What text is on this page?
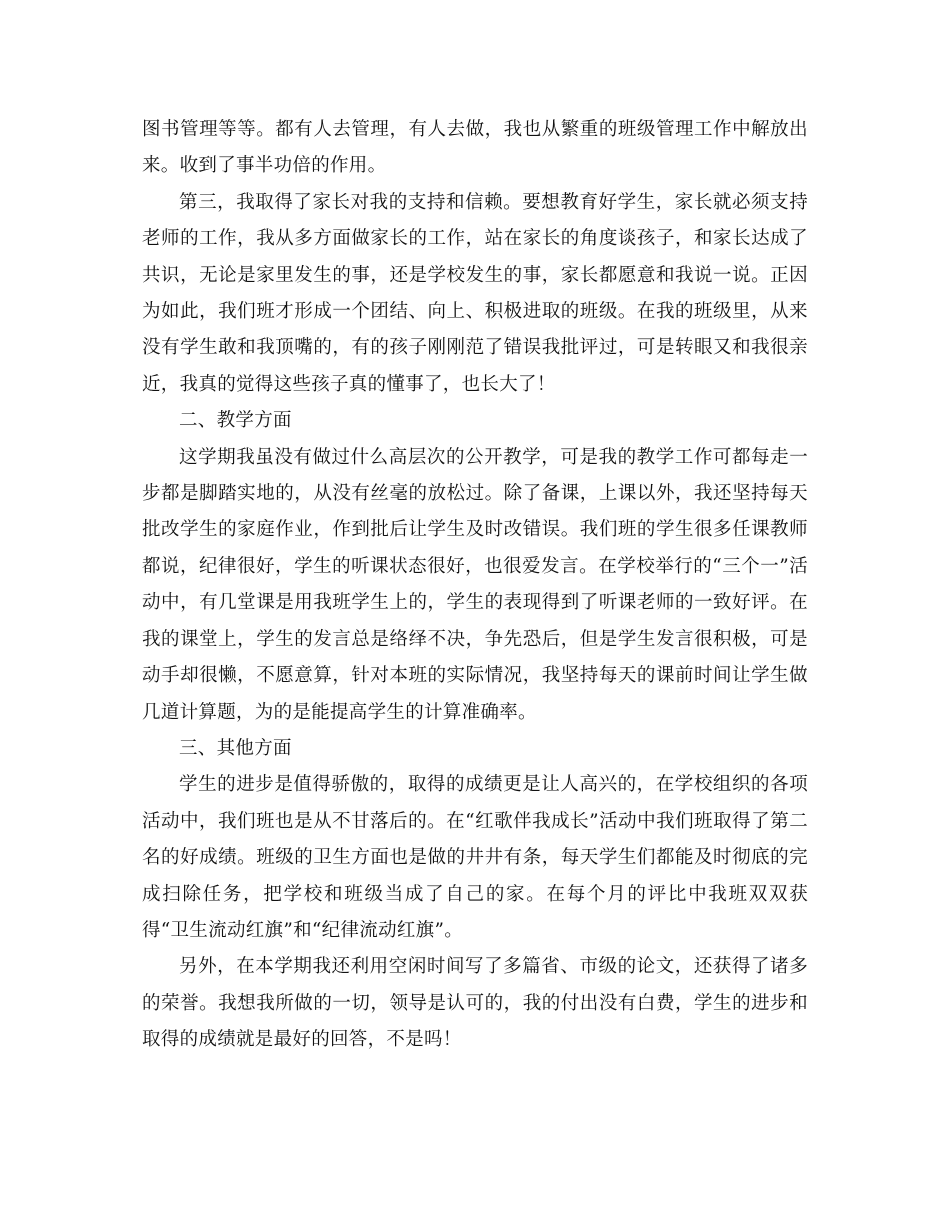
图书管理等等。都有人去管理，有人去做，我也从繁重的班级管理工作中解放出来。收到了事半功倍的作用。

第三，我取得了家长对我的支持和信赖。要想教育好学生，家长就必须支持老师的工作，我从多方面做家长的工作，站在家长的角度谈孩子，和家长达成了共识，无论是家里发生的事，还是学校发生的事，家长都愿意和我说一说。正因为如此，我们班才形成一个团结、向上、积极进取的班级。在我的班级里，从来没有学生敢和我顶嘴的，有的孩子刚刚范了错误我批评过，可是转眼又和我很亲近，我真的觉得这些孩子真的懂事了，也长大了！

二、教学方面

这学期我虽没有做过什么高层次的公开教学，可是我的教学工作可都每走一步都是脚踏实地的，从没有丝毫的放松过。除了备课，上课以外，我还坚持每天批改学生的家庭作业，作到批后让学生及时改错误。我们班的学生很多任课教师都说，纪律很好，学生的听课状态很好，也很爱发言。在学校举行的“三个一”活动中，有几堂课是用我班学生上的，学生的表现得到了听课老师的一致好评。在我的课堂上，学生的发言总是络绎不决，争先恐后，但是学生发言很积极，可是动手却很懒，不愿意算，针对本班的实际情况，我坚持每天的课前时间让学生做几道计算题，为的是能提高学生的计算准确率。

三、其他方面

学生的进步是值得骄傲的，取得的成绩更是让人高兴的，在学校组织的各项活动中，我们班也是从不甘落后的。在“红歌伴我成长”活动中我们班取得了第二名的好成绩。班级的卫生方面也是做的井井有条，每天学生们都能及时彻底的完成扫除任务，把学校和班级当成了自己的家。在每个月的评比中我班双双获得“卫生流动红旗”和“纪律流动红旗”。

另外，在本学期我还利用空闲时间写了多篇省、市级的论文，还获得了诸多的荣誉。我想我所做的一切，领导是认可的，我的付出没有白费，学生的进步和取得的成绩就是最好的回答，不是吗！
